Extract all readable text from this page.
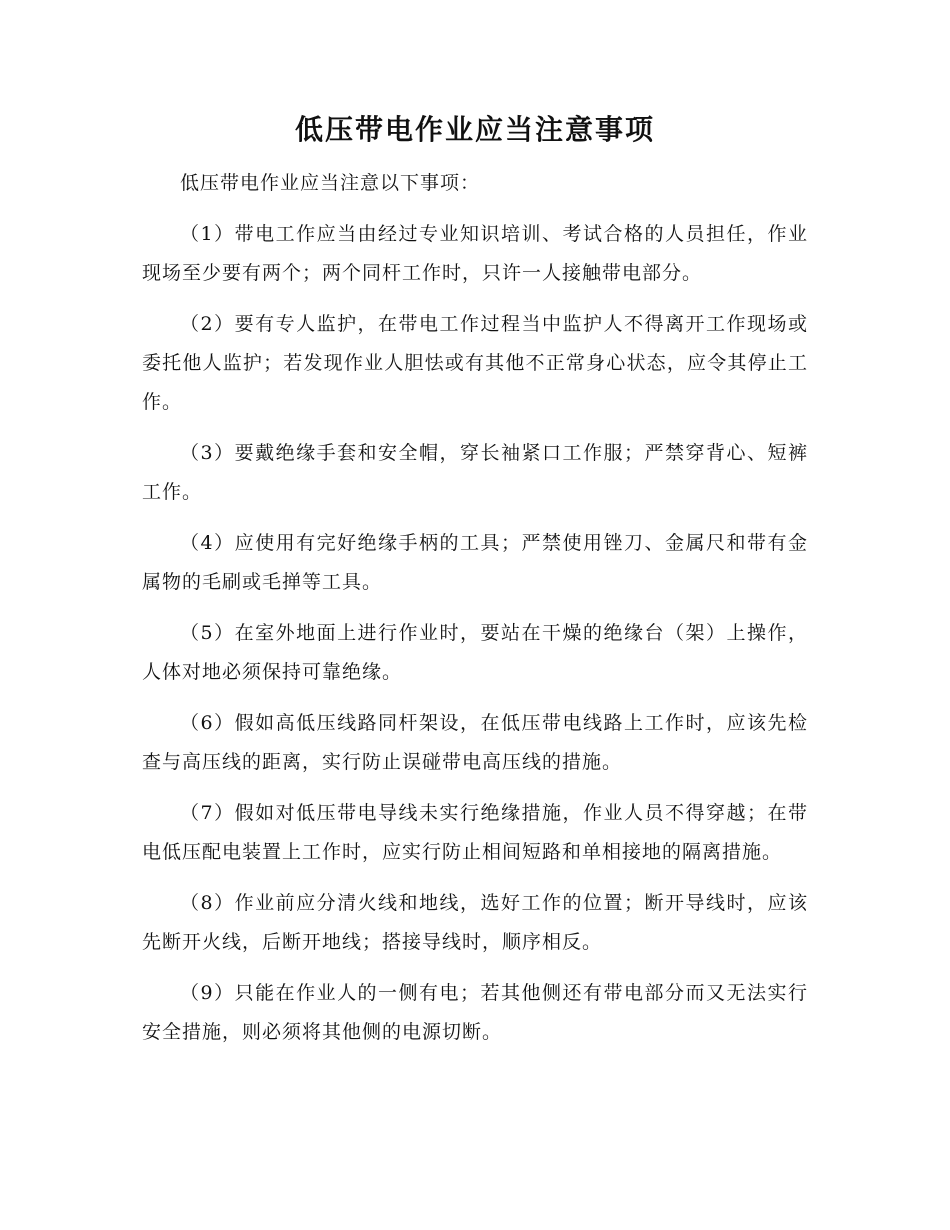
低压带电作业应当注意事项

低压带电作业应当注意以下事项：

（1）带电工作应当由经过专业知识培训、考试合格的人员担任，作业现场至少要有两个；两个同杆工作时，只许一人接触带电部分。

（2）要有专人监护，在带电工作过程当中监护人不得离开工作现场或委托他人监护；若发现作业人胆怯或有其他不正常身心状态，应令其停止工作。

（3）要戴绝缘手套和安全帽，穿长袖紧口工作服；严禁穿背心、短裤工作。

（4）应使用有完好绝缘手柄的工具；严禁使用锉刀、金属尺和带有金属物的毛刷或毛掸等工具。

（5）在室外地面上进行作业时，要站在干燥的绝缘台（架）上操作，人体对地必须保持可靠绝缘。

（6）假如高低压线路同杆架设，在低压带电线路上工作时，应该先检查与高压线的距离，实行防止误碰带电高压线的措施。

（7）假如对低压带电导线未实行绝缘措施，作业人员不得穿越；在带电低压配电装置上工作时，应实行防止相间短路和单相接地的隔离措施。

（8）作业前应分清火线和地线，选好工作的位置；断开导线时，应该先断开火线，后断开地线；搭接导线时，顺序相反。

（9）只能在作业人的一侧有电；若其他侧还有带电部分而又无法实行安全措施，则必须将其他侧的电源切断。
